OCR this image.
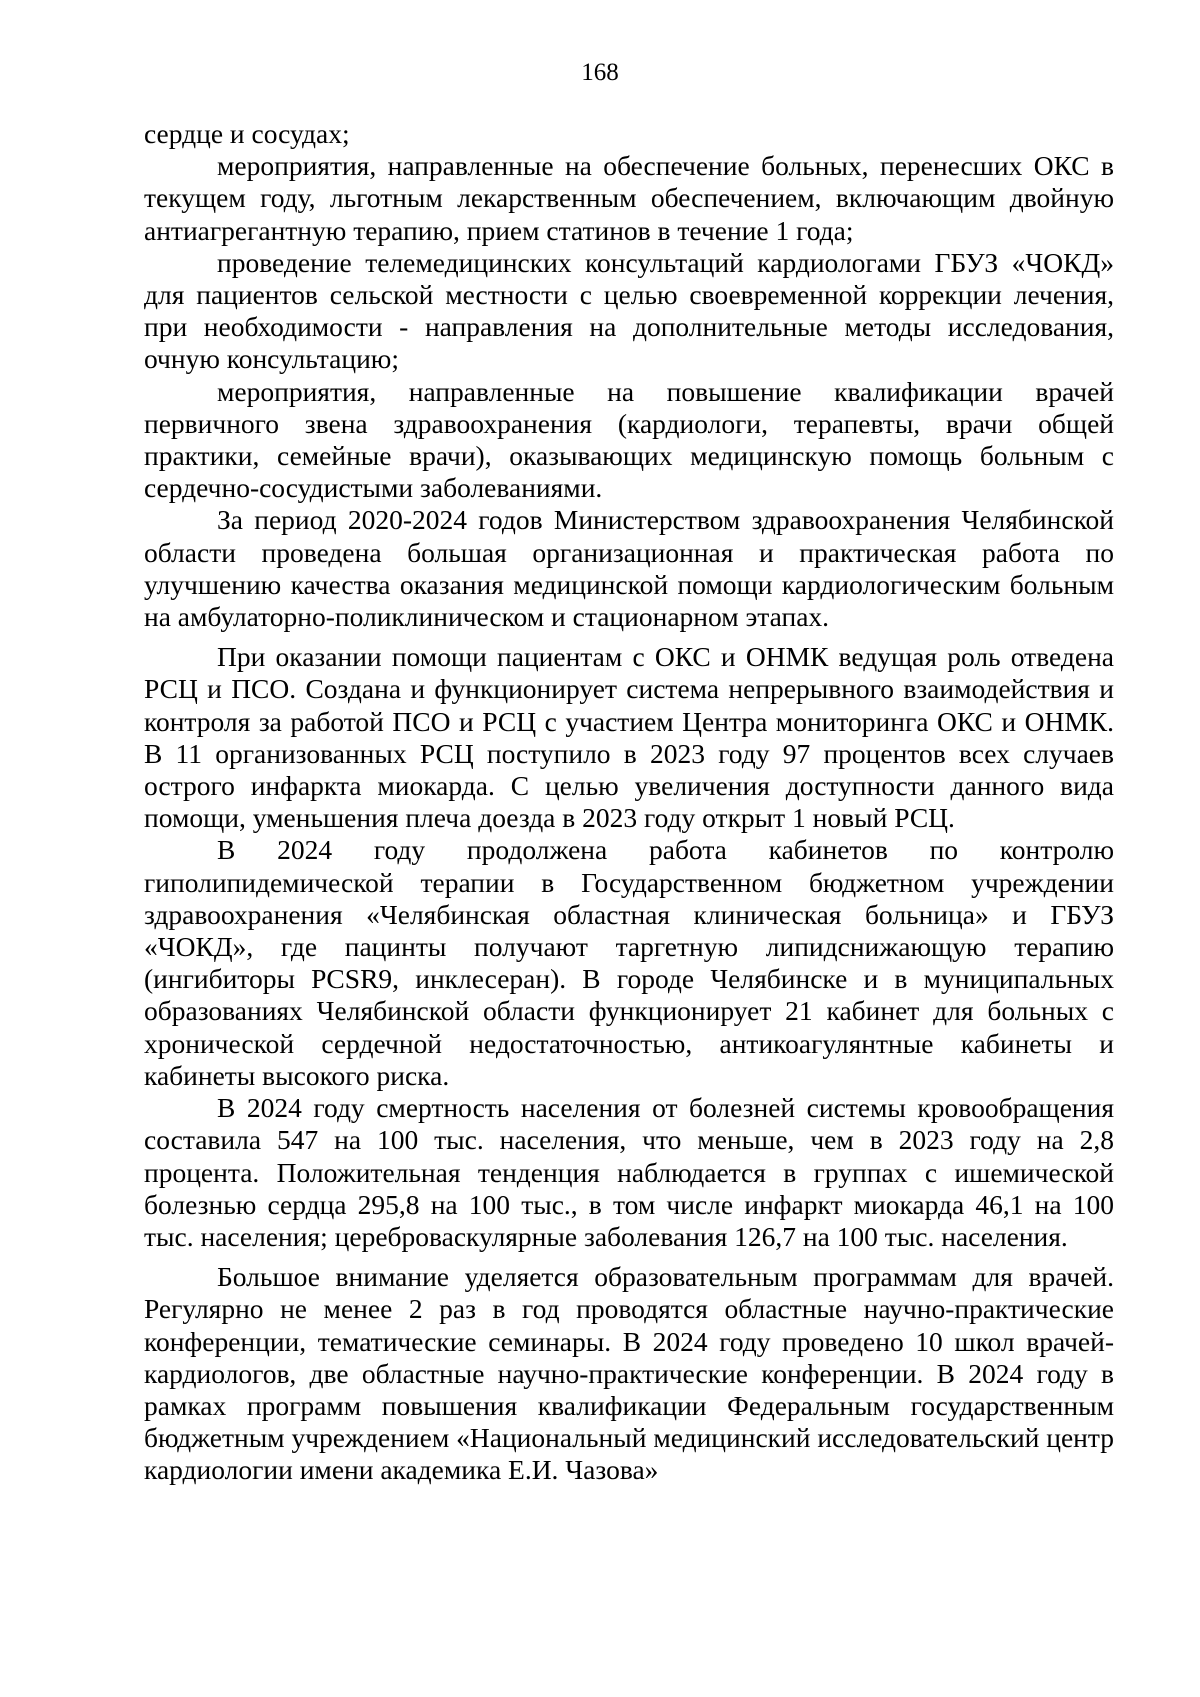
168

сердце и сосудах;

мероприятия, направленные на обеспечение больных, перенесших ОКС в текущем году, льготным лекарственным обеспечением, включающим двойную антиагрегантную терапию, прием статинов в течение 1 года;

проведение телемедицинских консультаций кардиологами ГБУЗ «ЧОКД» для пациентов сельской местности с целью своевременной коррекции лечения, при необходимости - направления на дополнительные методы исследования, очную консультацию;

мероприятия, направленные на повышение квалификации врачей первичного звена здравоохранения (кардиологи, терапевты, врачи общей практики, семейные врачи), оказывающих медицинскую помощь больным с сердечно-сосудистыми заболеваниями.

За период 2020-2024 годов Министерством здравоохранения Челябинской области проведена большая организационная и практическая работа по улучшению качества оказания медицинской помощи кардиологическим больным на амбулаторно-поликлиническом и стационарном этапах.

При оказании помощи пациентам с ОКС и ОНМК ведущая роль отведена РСЦ и ПСО. Создана и функционирует система непрерывного взаимодействия и контроля за работой ПСО и РСЦ с участием Центра мониторинга ОКС и ОНМК. В 11 организованных РСЦ поступило в 2023 году 97 процентов всех случаев острого инфаркта миокарда. С целью увеличения доступности данного вида помощи, уменьшения плеча доезда в 2023 году открыт 1 новый РСЦ.

В 2024 году продолжена работа кабинетов по контролю гиполипидемической терапии в Государственном бюджетном учреждении здравоохранения «Челябинская областная клиническая больница» и ГБУЗ «ЧОКД», где пацинты получают таргетную липидснижающую терапию (ингибиторы PCSR9, инклесеран). В городе Челябинске и в муниципальных образованиях Челябинской области функционирует 21 кабинет для больных с хронической сердечной недостаточностью, антикоагулянтные кабинеты и кабинеты высокого риска.

В 2024 году смертность населения от болезней системы кровообращения составила 547 на 100 тыс. населения, что меньше, чем в 2023 году на 2,8 процента. Положительная тенденция наблюдается в группах с ишемической болезнью сердца 295,8 на 100 тыс., в том числе инфаркт миокарда 46,1 на 100 тыс. населения; цереброваскулярные заболевания 126,7 на 100 тыс. населения.

Большое внимание уделяется образовательным программам для врачей. Регулярно не менее 2 раз в год проводятся областные научно-практические конференции, тематические семинары. В 2024 году проведено 10 школ врачей- кардиологов, две областные научно-практические конференции. В 2024 году в рамках программ повышения квалификации Федеральным государственным бюджетным учреждением «Национальный медицинский исследовательский центр кардиологии имени академика Е.И. Чазова»
